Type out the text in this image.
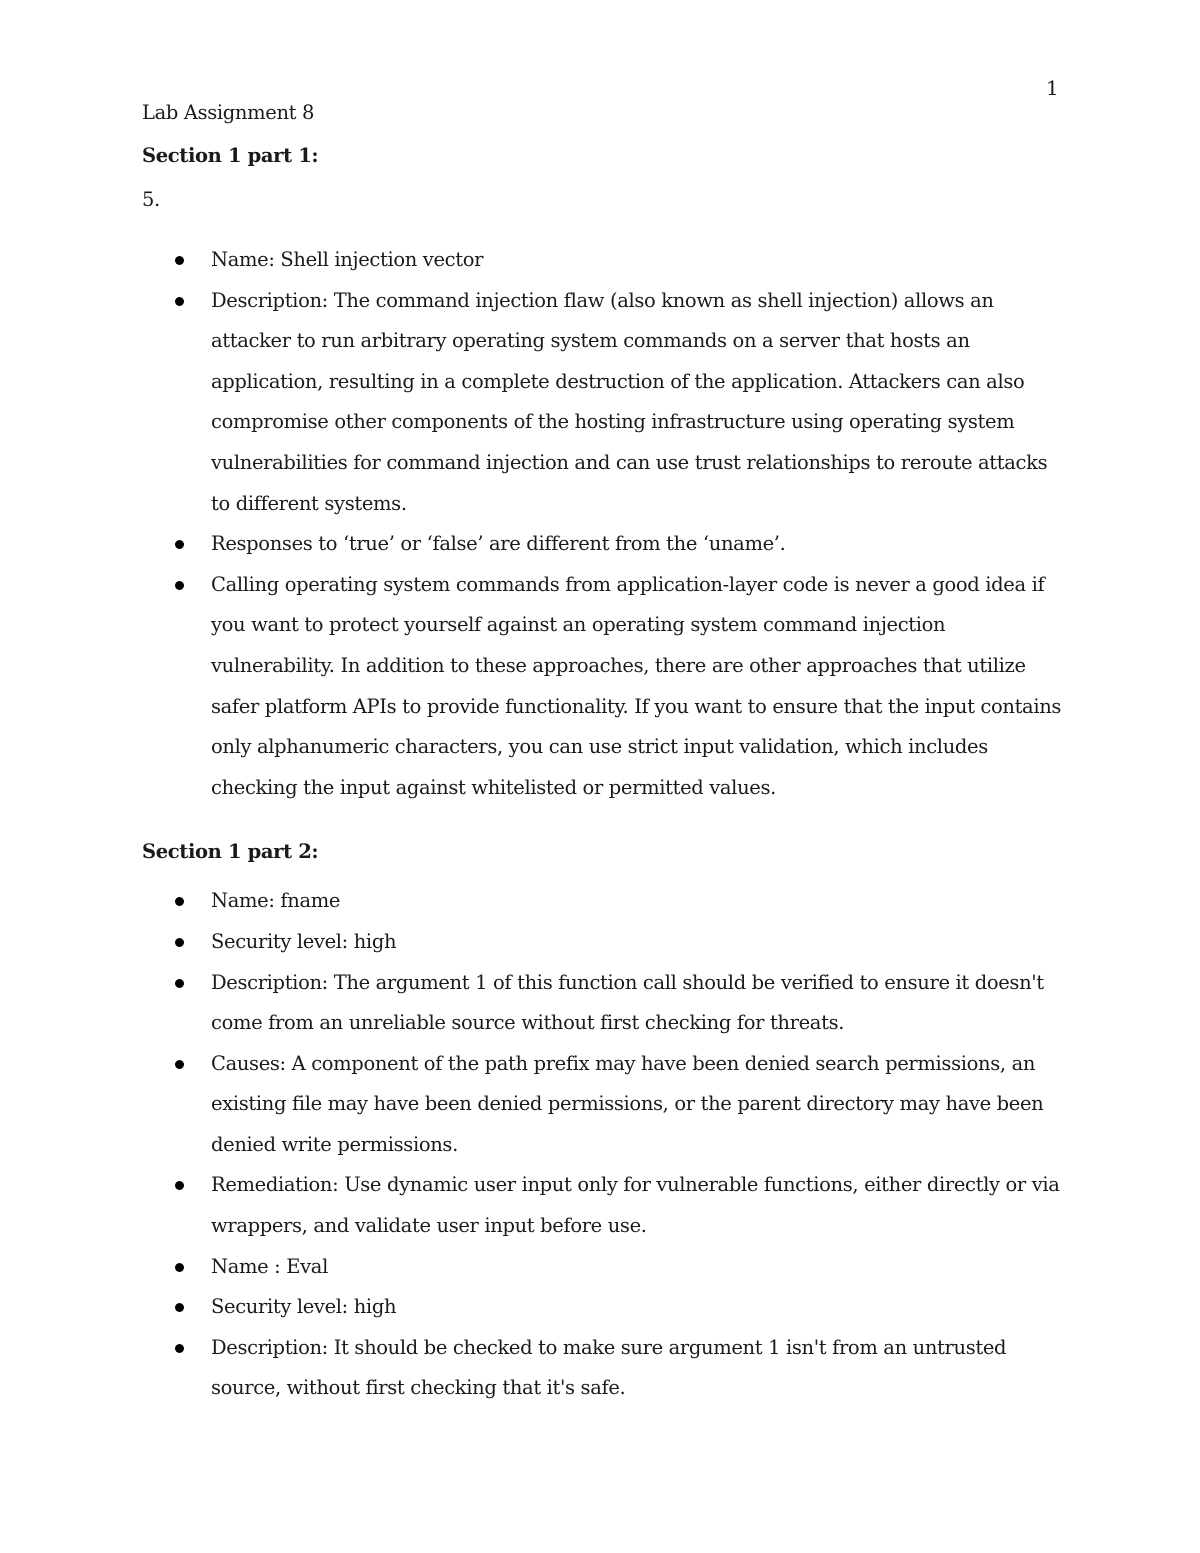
1
Lab Assignment 8
Section 1 part 1:
5.
Name: Shell injection vector
Description: The command injection flaw (also known as shell injection) allows an attacker to run arbitrary operating system commands on a server that hosts an application, resulting in a complete destruction of the application. Attackers can also compromise other components of the hosting infrastructure using operating system vulnerabilities for command injection and can use trust relationships to reroute attacks to different systems.
Responses to ‘true’ or ‘false’ are different from the ‘uname’.
Calling operating system commands from application-layer code is never a good idea if you want to protect yourself against an operating system command injection vulnerability. In addition to these approaches, there are other approaches that utilize safer platform APIs to provide functionality. If you want to ensure that the input contains only alphanumeric characters, you can use strict input validation, which includes checking the input against whitelisted or permitted values.
Section 1 part 2:
Name: fname
Security level: high
Description: The argument 1 of this function call should be verified to ensure it doesn't come from an unreliable source without first checking for threats.
Causes: A component of the path prefix may have been denied search permissions, an existing file may have been denied permissions, or the parent directory may have been denied write permissions.
Remediation: Use dynamic user input only for vulnerable functions, either directly or via wrappers, and validate user input before use.
Name : Eval
Security level: high
Description: It should be checked to make sure argument 1 isn't from an untrusted source, without first checking that it's safe.
